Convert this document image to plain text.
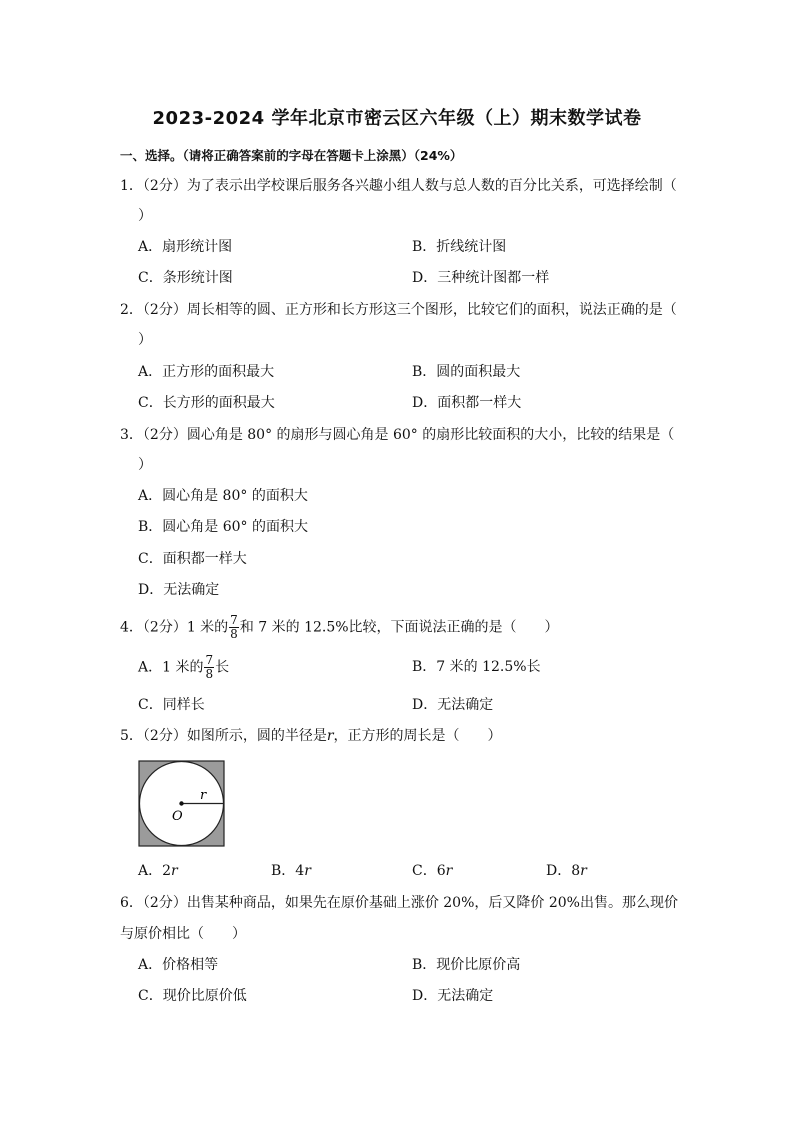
2023-2024 学年北京市密云区六年级（上）期末数学试卷
一、选择。（请将正确答案前的字母在答题卡上涂黑）（24%）
1．（2分）为了表示出学校课后服务各兴趣小组人数与总人数的百分比关系，可选择绘制（
）
A．扇形统计图	B．折线统计图
C．条形统计图	D．三种统计图都一样
2．（2分）周长相等的圆、正方形和长方形这三个图形，比较它们的面积，说法正确的是（
）
A．正方形的面积最大	B．圆的面积最大
C．长方形的面积最大	D．面积都一样大
3．（2分）圆心角是 80° 的扇形与圆心角是 60° 的扇形比较面积的大小，比较的结果是（
）
A．圆心角是 80° 的面积大
B．圆心角是 60° 的面积大
C．面积都一样大
D．无法确定
4．（2分）1 米的 $\frac{7}{8}$ 和 7 米的 12.5%比较，下面说法正确的是（　　）
A．1 米的 $\frac{7}{8}$ 长	B．7 米的 12.5%长
C．同样长	D．无法确定
5．（2分）如图所示，圆的半径是r，正方形的周长是（　　）
r
O
A．2r	B．4r	C．6r	D．8r
6．（2分）出售某种商品，如果先在原价基础上涨价 20%，后又降价 20%出售。那么现价
与原价相比（　　）
A．价格相等	B．现价比原价高
C．现价比原价低	D．无法确定
